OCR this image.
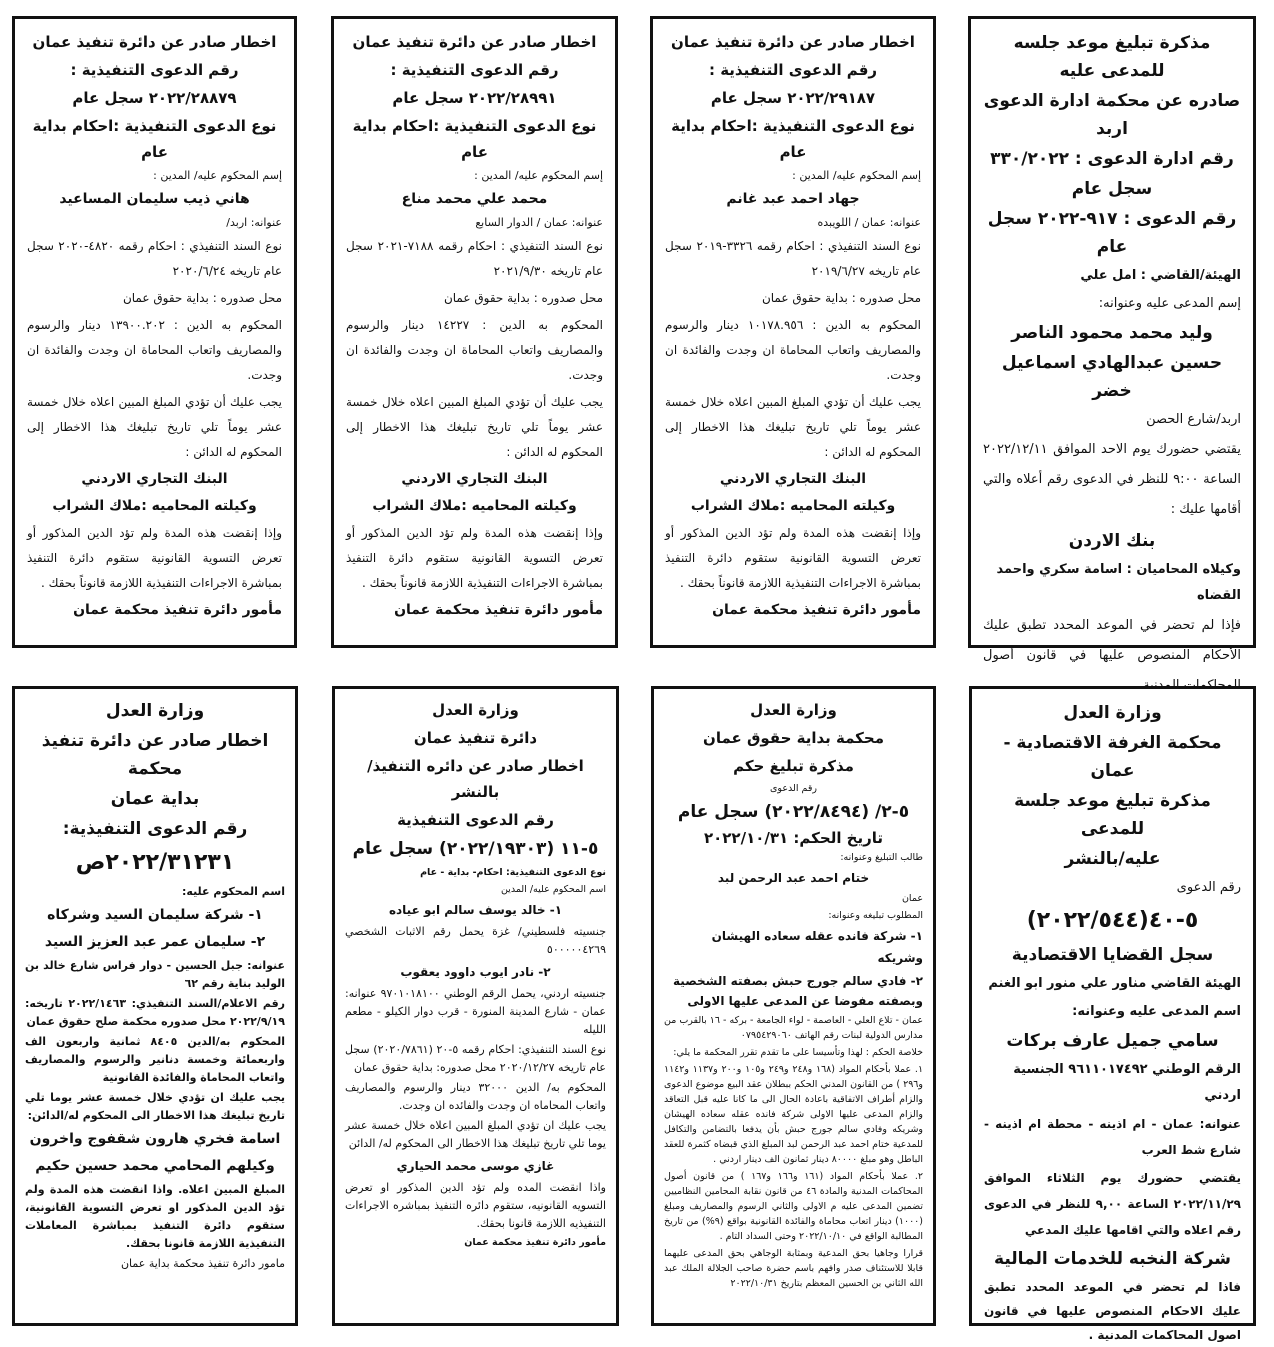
مذكرة تبليغ موعد جلسه للمدعى عليه

صادره عن محكمة ادارة الدعوى اربد

رقم ادارة الدعوى : ٣٣٠/٢٠٢٢

سجل عام

رقم الدعوى : ٩١٧-٢٠٢٢ سجل عام

الهيئة/القاضي : امل علي

إسم المدعى عليه وعنوانه:

وليد محمد محمود الناصر

حسين عبدالهادي اسماعيل خضر

اربد/شارع الحصن

يقتضي حضورك يوم الاحد الموافق ٢٠٢٢/١٢/١١ الساعة ٩:٠٠ للنظر في الدعوى رقم أعلاه والتي أقامها عليك :

بنك الاردن

وكيلاه المحاميان : اسامة سكري واحمد القضاه

فإذا لم تحضر في الموعد المحدد تطبق عليك الأحكام المنصوص عليها في قانون أصول

اخطار صادر عن دائرة تنفيذ عمان

رقم الدعوى التنفيذية :

٢٠٢٢/٢٩١٨٧ سجل عام

نوع الدعوى التنفيذية :احكام بداية عام

إسم المحكوم عليه/ المدين :

جهاد احمد عبد غانم

عنوانه: عمان / اللويبده

نوع السند التنفيذي : احكام رقمه ٣٣٢٦-٢٠١٩ سجل عام تاريخه ٢٠١٩/٦/٢٧

محل صدوره : بداية حقوق عمان

المحكوم به الدين : ١٠١٧٨.٩٥٦ دينار والرسوم والمصاريف واتعاب المحاماة ان وجدت والفائدة ان وجدت.

يجب عليك أن تؤدي المبلغ المبين اعلاه خلال خمسة عشر يوماً تلي تاريخ تبليغك هذا الاخطار إلى المحكوم له الدائن :

البنك التجاري الاردني

وكيلته المحاميه :ملاك الشراب

وإذا إنقضت هذه المدة ولم تؤد الدين المذكور أو تعرض التسوية القانونية ستقوم دائرة التنفيذ بمباشرة الاجراءات التنفيذية اللازمة قانوناً بحقك .

مأمور دائرة تنفيذ محكمة عمان

اخطار صادر عن دائرة تنفيذ عمان

رقم الدعوى التنفيذية :

٢٠٢٢/٢٨٩٩١ سجل عام

نوع الدعوى التنفيذية :احكام بداية عام

إسم المحكوم عليه/ المدين :

محمد علي محمد مناع

عنوانه: عمان / الدوار السابع

نوع السند التنفيذي : احكام رقمه ٧١٨٨-٢٠٢١ سجل عام تاريخه ٢٠٢١/٩/٣٠

محل صدوره : بداية حقوق عمان

المحكوم به الدين : ١٤٢٢٧ دينار والرسوم والمصاريف واتعاب المحاماة ان وجدت والفائدة ان وجدت.

يجب عليك أن تؤدي المبلغ المبين اعلاه خلال خمسة عشر يوماً تلي تاريخ تبليغك هذا الاخطار إلى المحكوم له الدائن :

البنك التجاري الاردني

وكيلته المحاميه :ملاك الشراب

وإذا إنقضت هذه المدة ولم تؤد الدين المذكور أو تعرض التسوية القانونية ستقوم دائرة التنفيذ بمباشرة الاجراءات التنفيذية اللازمة قانوناً بحقك .

مأمور دائرة تنفيذ محكمة عمان

اخطار صادر عن دائرة تنفيذ عمان

رقم الدعوى التنفيذية :

٢٠٢٢/٢٨٨٧٩ سجل عام

نوع الدعوى التنفيذية :احكام بداية عام

إسم المحكوم عليه/ المدين :

هاني ذيب سليمان المساعيد

عنوانه: اربد/

نوع السند التنفيذي : احكام رقمه ٤٨٢٠-٢٠٢٠ سجل عام تاريخه ٢٠٢٠/٦/٢٤

محل صدوره : بداية حقوق عمان

المحكوم به الدين : ١٣٩٠٠.٢٠٢ دينار والرسوم والمصاريف واتعاب المحاماة ان وجدت والفائدة ان وجدت.

يجب عليك أن تؤدي المبلغ المبين اعلاه خلال خمسة عشر يوماً تلي تاريخ تبليغك هذا الاخطار إلى المحكوم له الدائن :

البنك التجاري الاردني

وكيلته المحاميه :ملاك الشراب

وإذا إنقضت هذه المدة ولم تؤد الدين المذكور أو تعرض التسوية القانونية ستقوم دائرة التنفيذ بمباشرة الاجراءات التنفيذية اللازمة قانوناً بحقك .

مأمور دائرة تنفيذ محكمة عمان

وزارة العدل

محكمة الغرفة الاقتصادية - عمان

مذكرة تبليغ موعد جلسة للمدعى

عليه/بالنشر

رقم الدعوى

٥-٤٠(٢٠٢٢/٥٤٤)

سجل القضايا الاقتصادية

الهيئة القاضي مناور علي منور ابو الغنم

اسم المدعى عليه وعنوانه:

سامي جميل عارف بركات

الرقم الوطني ٩٦١١٠١٧٤٩٢ الجنسية اردني

عنوانه: عمان - ام اذينه - محطة ام اذينه - شارع شط العرب

يقتضي حضورك يوم الثلاثاء الموافق ٢٠٢٢/١١/٢٩ الساعة ٩,٠٠ للنظر في الدعوى رقم اعلاه والتي اقامها عليك المدعي

شركة النخبه للخدمات المالية

فاذا لم تحضر في الموعد المحدد تطبق عليك الاحكام المنصوص عليها في قانون اصول المحاكمات المدنية .

وزارة العدل

محكمة بداية حقوق عمان

مذكرة تبليغ حكم

رقم الدعوى

٥-٢/ (٢٠٢٢/٨٤٩٤) سجل عام

تاريخ الحكم: ٢٠٢٢/١٠/٣١

طالب التبليغ وعنوانه:

ختام احمد عبد الرحمن لبد

عمان

المطلوب تبليغه وعنوانه:

١- شركة فانده عقله سعاده الهيشان وشريكه

٢- فادي سالم جورج حبش بصفته الشخصية وبصفته مفوضا عن المدعى عليها الاولى

عمان - تلاع العلي - العاصمة - لواء الجامعة - بركه - ١٦ بالقرب من مدارس الدولية لبنات رقم الهاتف ٠٧٩٥٤٢٩٠٦٠

خلاصة الحكم : لهذا وتأسيسا على ما تقدم تقرر المحكمة ما يلي:

١. عملا بأحكام المواد (١٦٨ و٢٤٨ و٢٤٩ و١٠٥ و٢٠٠ و١١٣٧ و١١٤٢ و٢٩٦ ) من القانون المدني الحكم ببطلان عقد البيع موضوع الدعوى والزام أطراف الاتفاقية باعادة الحال الى ما كانا عليه قبل التعاقد والزام المدعى عليها الاولى شركة فانده عقله سعاده الهيشان وشريكه وفادي سالم جورج حبش بأن يدفعا بالتضامن والتكافل للمدعية ختام احمد عبد الرحمن لبد المبلغ الذي قبضاه كثمرة للعقد الباطل وهو مبلغ ٨٠٠٠٠ دينار ثمانون الف دينار اردني .

٢. عملا بأحكام المواد (١٦١ و١٦٦ و١٦٧ ) من قانون أصول المحاكمات المدنية والمادة ٤٦ من قانون نقابة المحامين النظاميين تضمين المدعى عليه م الاولى والثاني الرسوم والمصاريف ومبلغ (١٠٠٠) دينار اتعاب محاماة والفائدة القانونية بواقع (٩%) من تاريخ المطالبة الواقع في ٢٠٢٢/١٠/١٠ وحتى السداد التام .

قرارا وجاهيا بحق المدعية وبمثابة الوجاهي بحق المدعى عليهما قابلا للاستئناف صدر وافهم باسم حضرة صاحب الجلالة الملك عبد الله الثاني بن الحسين المعظم بتاريخ ٢٠٢٢/١٠/٣١

وزارة العدل

دائرة تنفيذ عمان

اخطار صادر عن دائره التنفيذ/ بالنشر

رقم الدعوى التنفيذية

٥-١١ (٢٠٢٢/١٩٣٠٣) سجل عام

نوع الدعوى التنفيذية: احكام- بداية - عام

اسم المحكوم عليه/ المدين

١- خالد يوسف سالم ابو عياده

جنسيته فلسطيني/ غزة يحمل رقم الاثبات الشخصي ٥٠٠٠٠٠٤٢٦٩

٢- نادر ايوب داوود يعقوب

جنسيته اردني، يحمل الرقم الوطني ٩٧٠١٠١٨١٠٠ عنوانه: عمان - شارع المدينة المنورة - قرب دوار الكيلو - مطعم الليله

نوع السند التنفيذي: احكام رقمه ٥-٢٠ (٢٠٢٠/٧٨٦١) سجل عام تاريخه ٢٠٢٠/١٢/٢٧ محل صدوره: بداية حقوق عمان

المحكوم به/ الدين ٣٢٠٠٠ دينار والرسوم والمصاريف واتعاب المحاماه ان وجدت والفائده ان وجدت.

يجب عليك ان تؤدي المبلغ المبين اعلاه خلال خمسة عشر يوما تلي تاريخ تبليغك هذا الاخطار الى المحكوم له/ الدائن

غازي موسى محمد الحياري

واذا انقضت المده ولم تؤد الدين المذكور او تعرض التسويه القانونيه، ستقوم دائره التنفيذ بمباشره الاجراءات التنفيذيه اللازمة قانونا بحقك.

مأمور دائرة تنفيذ محكمة عمان

وزارة العدل

اخطار صادر عن دائرة تنفيذ محكمة

بداية عمان

رقم الدعوى التنفيذية:

٢٠٢٢/٣١٢٣١ص

اسم المحكوم عليه:

١- شركة سليمان السيد وشركاه

٢- سليمان عمر عبد العزيز السيد

عنوانه: جبل الحسين - دوار فراس شارع خالد بن الوليد بناية رقم ٦٢

رقم الاعلام/السند التنفيذي: ٢٠٢٢/١٤٦٣ تاريخه: ٢٠٢٢/٩/١٩ محل صدوره محكمة صلح حقوق عمان

المحكوم به/الدين ٨٤٠٥ ثمانية واربعون الف واربعمائة وخمسة دنانير والرسوم والمصاريف واتعاب المحاماة والفائدة القانونية

يجب عليك ان تؤدي خلال خمسة عشر يوما تلي تاريخ تبليغك هذا الاخطار الى المحكوم له/الدائن:

اسامة فخري هارون شقفوج واخرون

وكيلهم المحامي محمد حسين حكيم

المبلغ المبين اعلاه. واذا انقضت هذه المدة ولم تؤد الدين المذكور او تعرض التسوية القانونية، ستقوم دائرة التنفيذ بمباشرة المعاملات التنفيذية اللازمة قانونا بحقك.

مامور دائرة تنفيذ محكمة بداية عمان
